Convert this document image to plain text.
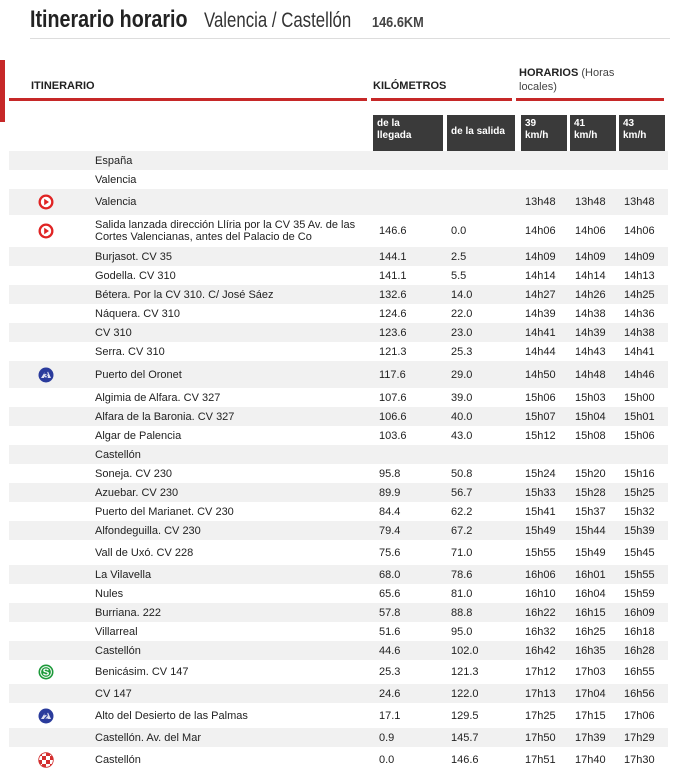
Itinerario horario Valencia / Castellón 146.6KM
ITINERARIO	KILÓMETROS
HORARIOS (Horas
locales)
de la
llegada	de la salida
39
km/h
41
km/h
43
km/h
España
Valencia
Valencia	13h48 13h48 13h48
Salida lanzada dirección Llíria por la CV 35 Av. de las Cortes Valencianas, antes del Palacio de Co	146.6	0.0	14h06 14h06 14h06
Burjasot. CV 35	144.1	2.5	14h09 14h09 14h09
Godella. CV 310	141.1	5.5	14h14 14h14 14h13
Bétera. Por la CV 310. C/ José Sáez	132.6	14.0	14h27 14h26 14h25
Náquera. CV 310	124.6	22.0	14h39 14h38 14h36
CV 310	123.6	23.0	14h41 14h39 14h38
Serra. CV 310	121.3	25.3	14h44 14h43 14h41
3	Puerto del Oronet	117.6	29.0	14h50 14h48 14h46
Algimia de Alfara. CV 327	107.6	39.0	15h06 15h03 15h00
Alfara de la Baronia. CV 327	106.6	40.0	15h07 15h04 15h01
Algar de Palencia	103.6	43.0	15h12 15h08 15h06
Castellón
Soneja. CV 230	95.8	50.8	15h24 15h20 15h16
Azuebar. CV 230	89.9	56.7	15h33 15h28 15h25
Puerto del Marianet. CV 230	84.4	62.2	15h41 15h37 15h32
Alfondeguilla. CV 230	79.4	67.2	15h49 15h44 15h39
Vall de Uxó. CV 228	75.6	71.0	15h55 15h49 15h45
La Vilavella	68.0	78.6	16h06 16h01 15h55
Nules	65.6	81.0	16h10 16h04 15h59
Burriana. 222	57.8	88.8	16h22 16h15 16h09
Villarreal	51.6	95.0	16h32 16h25 16h18
Castellón	44.6	102.0	16h42 16h35 16h28
S	Benicásim. CV 147	25.3	121.3	17h12 17h03 16h55
CV 147	24.6	122.0	17h13 17h04 16h56
2	Alto del Desierto de las Palmas	17.1	129.5	17h25 17h15 17h06
Castellón. Av. del Mar	0.9	145.7	17h50 17h39 17h29
Castellón	0.0	146.6	17h51 17h40 17h30
